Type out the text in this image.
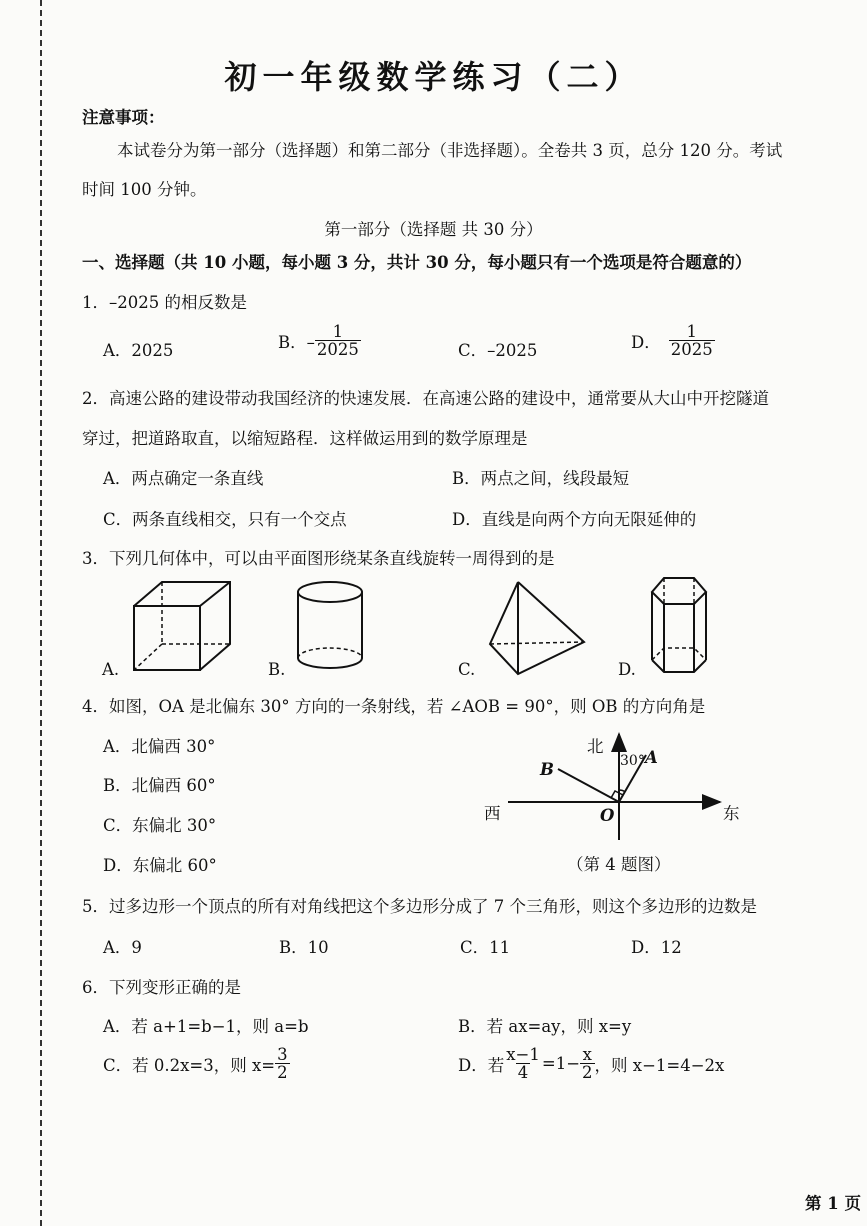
初一年级数学练习（二）
注意事项：
本试卷分为第一部分（选择题）和第二部分（非选择题）。全卷共 3 页，总分 120 分。考试
时间 100 分钟。
第一部分（选择题 共 30 分）
一、选择题（共 10 小题，每小题 3 分，共计 30 分，每小题只有一个选项是符合题意的）
1．–2025 的相反数是
A．2025	B．– $\frac{1}{2025}$	C．–2025	D． $\frac{1}{2025}$
2．高速公路的建设带动我国经济的快速发展．在高速公路的建设中，通常要从大山中开挖隧道
穿过，把道路取直，以缩短路程．这样做运用到的数学原理是
A．两点确定一条直线	B．两点之间，线段最短
C．两条直线相交，只有一个交点	D．直线是向两个方向无限延伸的
3．下列几何体中，可以由平面图形绕某条直线旋转一周得到的是
A.	B.	C.	D.
4．如图，OA 是北偏东 30° 方向的一条射线，若 ∠AOB = 90°，则 OB 的方向角是
A．北偏西 30°
B．北偏西 60°
C．东偏北 30°
D．东偏北 60°
北
30° A
B
西	东
O
（第 4 题图）
5．过多边形一个顶点的所有对角线把这个多边形分成了 7 个三角形，则这个多边形的边数是
A．9	B．10	C．11	D．12
6．下列变形正确的是
A．若 a+1=b−1，则 a=b	B．若 ax=ay，则 x=y
C．若 0.2x=3，则 $x= \frac{3}{2}$	D．若 $\frac{x-1}{4} =1- \frac{x}{2}$ ，则 x−1=4−2x
第 1 页
